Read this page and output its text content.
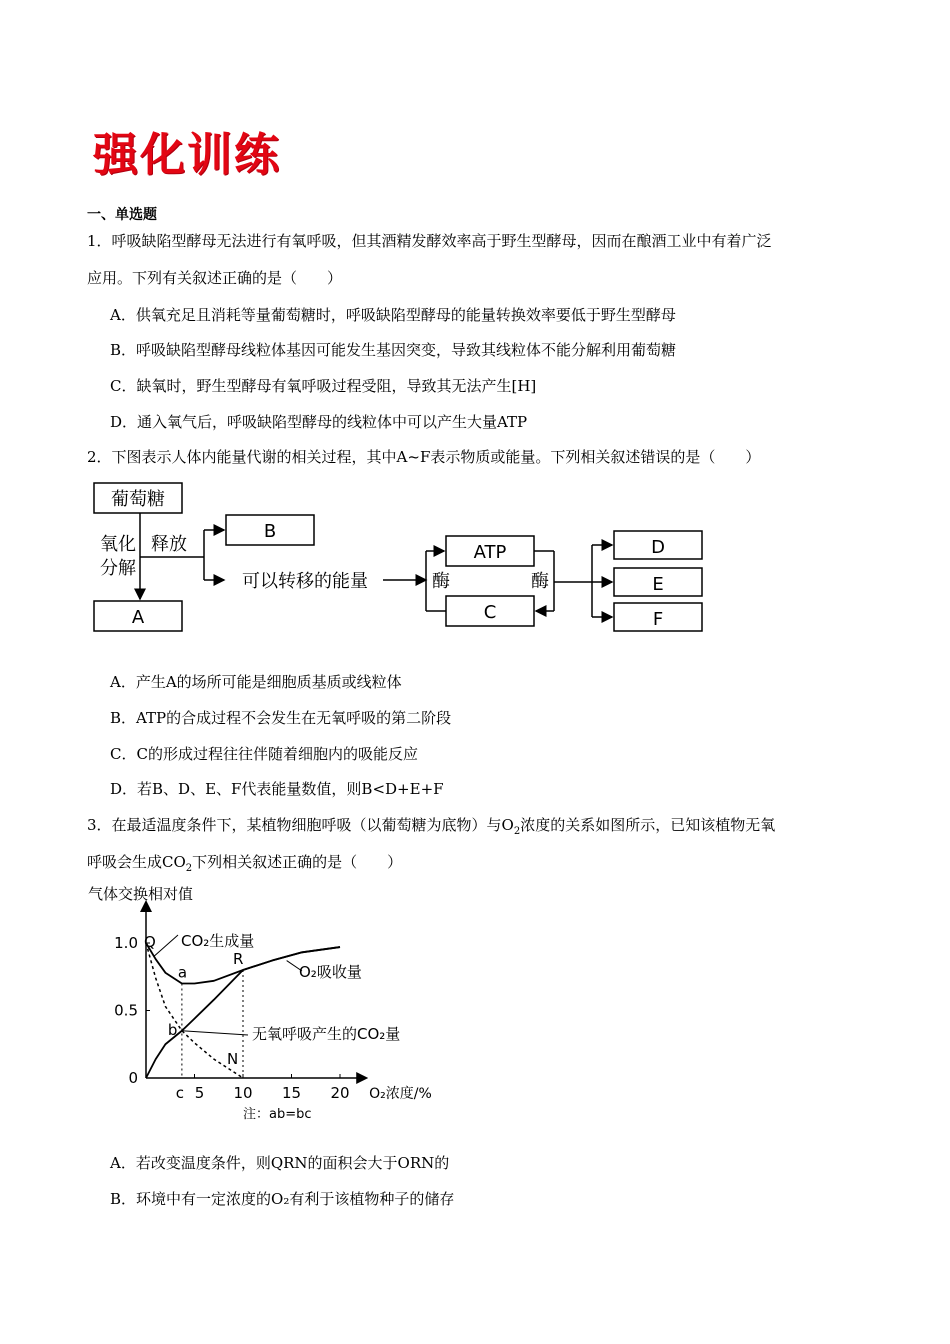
强化训练
一、单选题
1．呼吸缺陷型酵母无法进行有氧呼吸，但其酒精发酵效率高于野生型酵母，因而在酿酒工业中有着广泛
应用。下列有关叙述正确的是（　　）
A．供氧充足且消耗等量葡萄糖时，呼吸缺陷型酵母的能量转换效率要低于野生型酵母
B．呼吸缺陷型酵母线粒体基因可能发生基因突变，导致其线粒体不能分解利用葡萄糖
C．缺氧时，野生型酵母有氧呼吸过程受阻，导致其无法产生[H]
D．通入氧气后，呼吸缺陷型酵母的线粒体中可以产生大量ATP
2．下图表示人体内能量代谢的相关过程，其中A~F表示物质或能量。下列相关叙述错误的是（　　）
葡萄糖
B
A
ATP
C
D
E
F
氧化
分解
释放
可以转移的能量	酶	酶
A．产生A的场所可能是细胞质基质或线粒体
B．ATP的合成过程不会发生在无氧呼吸的第二阶段
C．C的形成过程往往伴随着细胞内的吸能反应
D．若B、D、E、F代表能量数值，则B<D+E+F
3．在最适温度条件下，某植物细胞呼吸（以葡萄糖为底物）与$O_2$浓度的关系如图所示，已知该植物无氧
呼吸会生成$CO_2$下列相关叙述正确的是（　　）
气体交换相对值
O₂浓度/%
0
0.5
1.0
c 5 10 15 20
注：ab=bc
CO₂生成量
O₂吸收量
无氧呼吸产生的CO₂量
Q
a
R
b
N
A．若改变温度条件，则QRN的面积会大于ORN的
B．环境中有一定浓度的O₂有利于该植物种子的储存
